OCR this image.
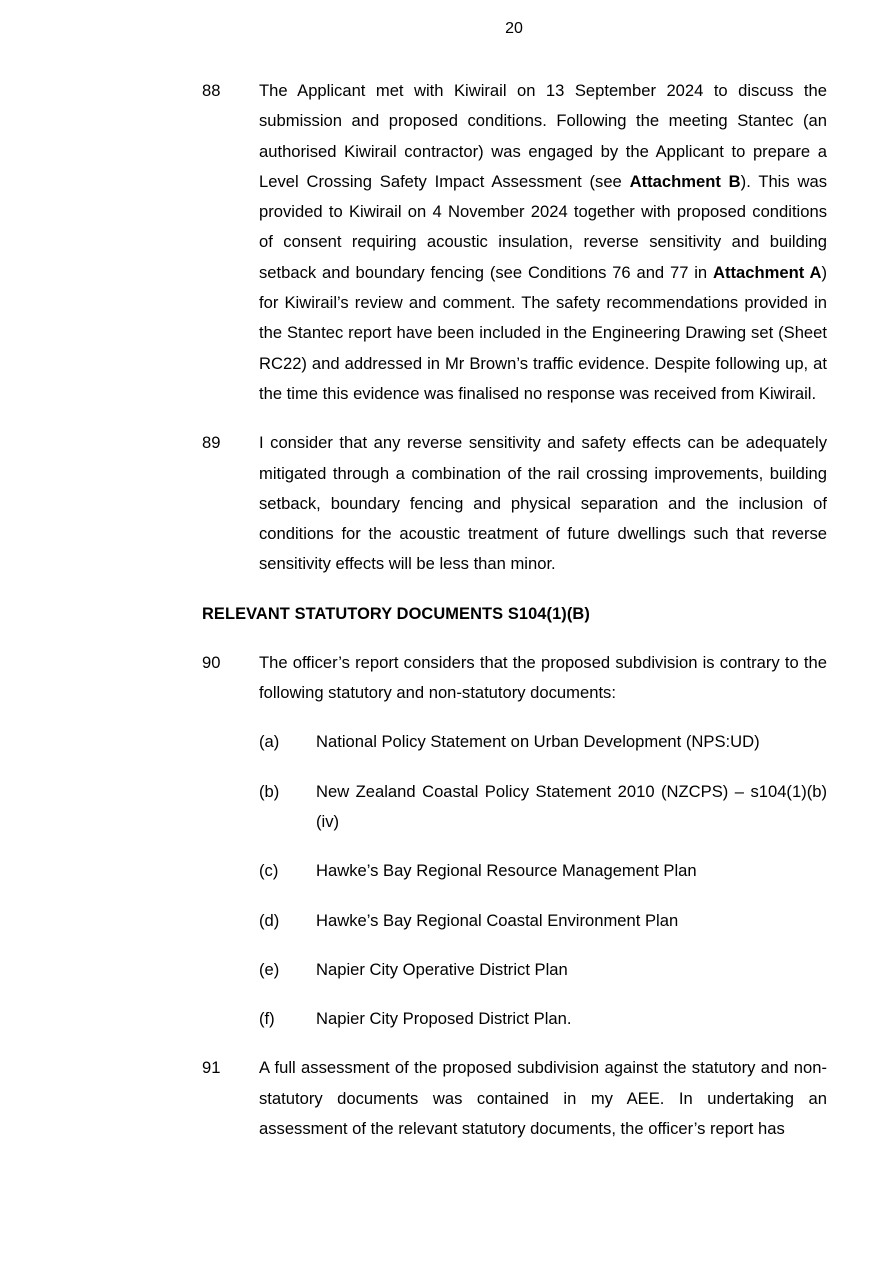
20
88	The Applicant met with Kiwirail on 13 September 2024 to discuss the submission and proposed conditions. Following the meeting Stantec (an authorised Kiwirail contractor) was engaged by the Applicant to prepare a Level Crossing Safety Impact Assessment (see Attachment B). This was provided to Kiwirail on 4 November 2024 together with proposed conditions of consent requiring acoustic insulation, reverse sensitivity and building setback and boundary fencing (see Conditions 76 and 77 in Attachment A) for Kiwirail’s review and comment. The safety recommendations provided in the Stantec report have been included in the Engineering Drawing set (Sheet RC22) and addressed in Mr Brown’s traffic evidence. Despite following up, at the time this evidence was finalised no response was received from Kiwirail.
89	I consider that any reverse sensitivity and safety effects can be adequately mitigated through a combination of the rail crossing improvements, building setback, boundary fencing and physical separation and the inclusion of conditions for the acoustic treatment of future dwellings such that reverse sensitivity effects will be less than minor.
RELEVANT STATUTORY DOCUMENTS S104(1)(B)
90	The officer’s report considers that the proposed subdivision is contrary to the following statutory and non-statutory documents:
(a) National Policy Statement on Urban Development (NPS:UD)
(b) New Zealand Coastal Policy Statement 2010 (NZCPS) – s104(1)(b)(iv)
(c) Hawke’s Bay Regional Resource Management Plan
(d) Hawke’s Bay Regional Coastal Environment Plan
(e) Napier City Operative District Plan
(f) Napier City Proposed District Plan.
91	A full assessment of the proposed subdivision against the statutory and non-statutory documents was contained in my AEE. In undertaking an assessment of the relevant statutory documents, the officer’s report has
